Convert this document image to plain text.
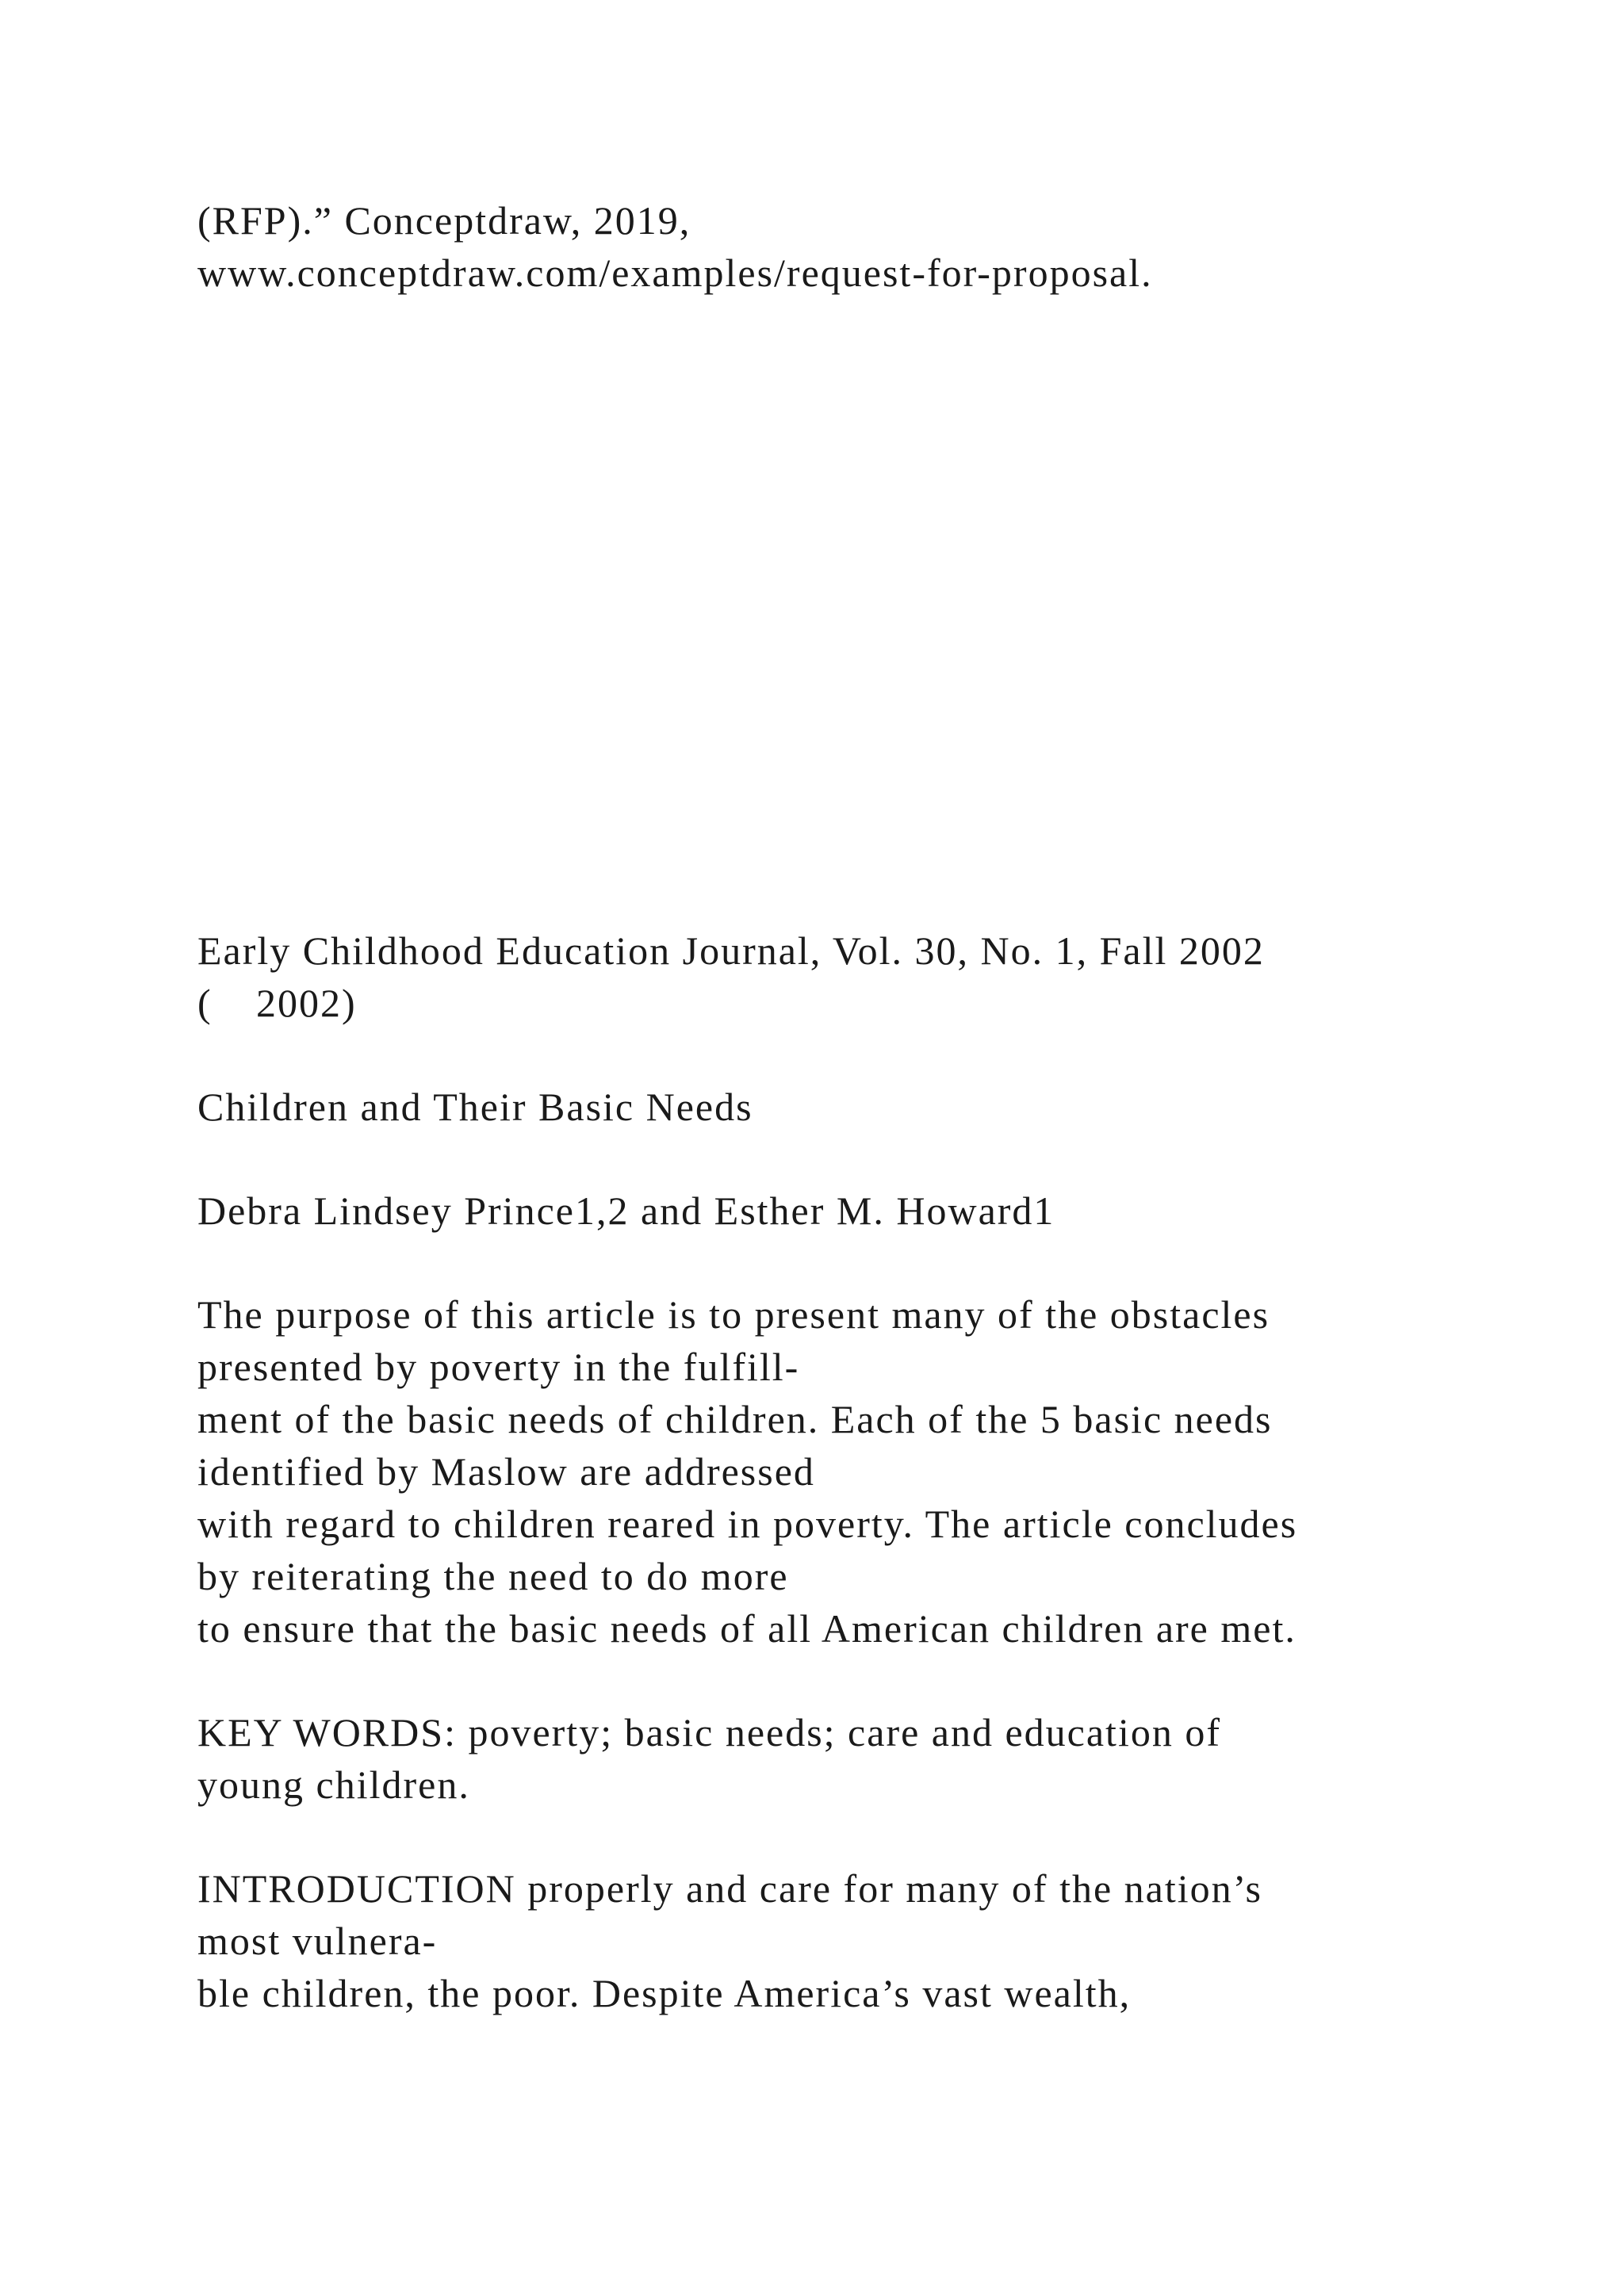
(RFP).” Conceptdraw, 2019,

www.conceptdraw.com/examples/request-for-proposal.

Early Childhood Education Journal, Vol. 30, No. 1, Fall 2002

(  2002)

Children and Their Basic Needs

Debra Lindsey Prince1,2 and Esther M. Howard1

The purpose of this article is to present many of the obstacles

presented by poverty in the fulfill-

ment of the basic needs of children. Each of the 5 basic needs

identified by Maslow are addressed

with regard to children reared in poverty. The article concludes

by reiterating the need to do more

to ensure that the basic needs of all American children are met.

KEY WORDS: poverty; basic needs; care and education of

young children.

INTRODUCTION properly and care for many of the nation’s

most vulnera-

ble children, the poor. Despite America’s vast wealth,
